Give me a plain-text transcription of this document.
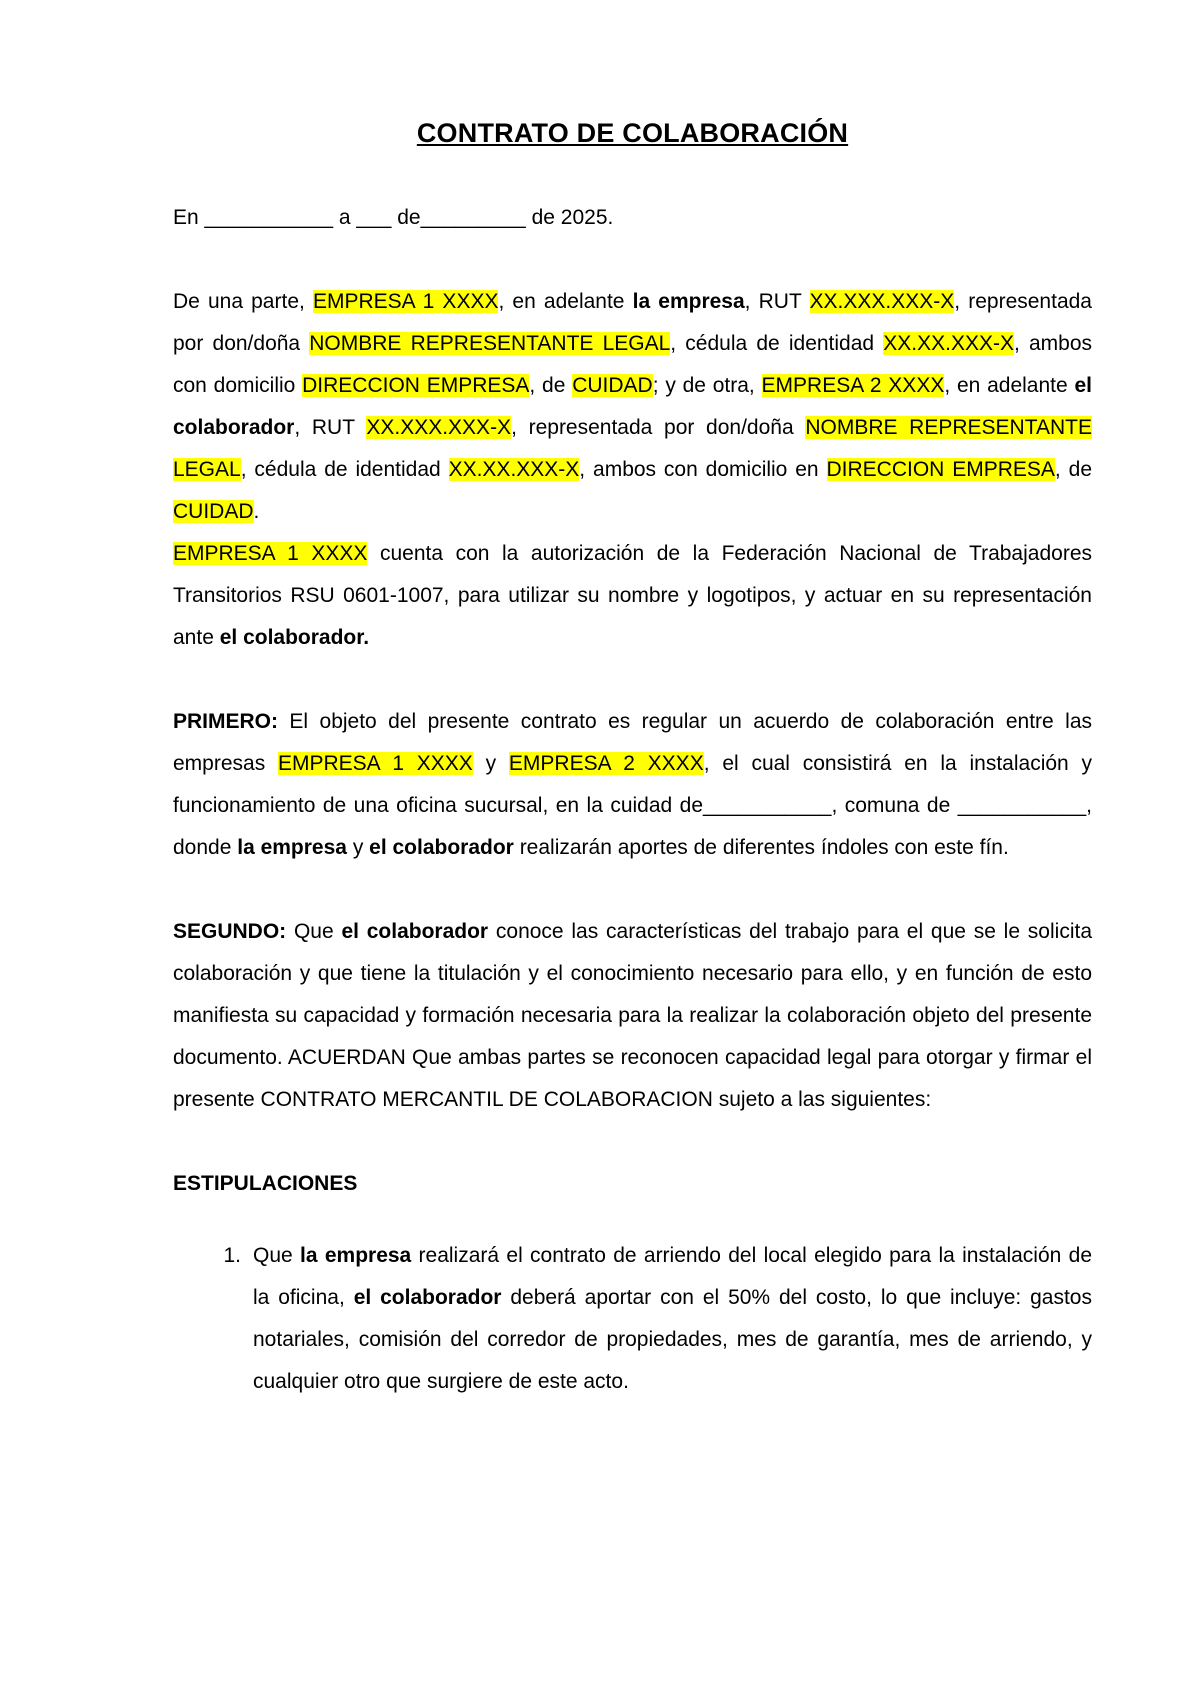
CONTRATO DE COLABORACIÓN

En ___________ a ___ de_________ de 2025.

De una parte, EMPRESA 1 XXXX, en adelante la empresa, RUT XX.XXX.XXX-X, representada por don/doña NOMBRE REPRESENTANTE LEGAL, cédula de identidad XX.XX.XXX-X, ambos con domicilio DIRECCION EMPRESA, de CUIDAD; y de otra, EMPRESA 2 XXXX, en adelante el colaborador, RUT XX.XXX.XXX-X, representada por don/doña NOMBRE REPRESENTANTE LEGAL, cédula de identidad XX.XX.XXX-X, ambos con domicilio en DIRECCION EMPRESA, de CUIDAD.

EMPRESA 1 XXXX cuenta con la autorización de la Federación Nacional de Trabajadores Transitorios RSU 0601-1007, para utilizar su nombre y logotipos, y actuar en su representación ante el colaborador.

PRIMERO: El objeto del presente contrato es regular un acuerdo de colaboración entre las empresas EMPRESA 1 XXXX y EMPRESA 2 XXXX, el cual consistirá en la instalación y funcionamiento de una oficina sucursal, en la cuidad de___________, comuna de ___________, donde la empresa y el colaborador realizarán aportes de diferentes índoles con este fín.

SEGUNDO: Que el colaborador conoce las características del trabajo para el que se le solicita colaboración y que tiene la titulación y el conocimiento necesario para ello, y en función de esto manifiesta su capacidad y formación necesaria para la realizar la colaboración objeto del presente documento. ACUERDAN Que ambas partes se reconocen capacidad legal para otorgar y firmar el presente CONTRATO MERCANTIL DE COLABORACION sujeto a las siguientes:

ESTIPULACIONES

1. Que la empresa realizará el contrato de arriendo del local elegido para la instalación de la oficina, el colaborador deberá aportar con el 50% del costo, lo que incluye: gastos notariales, comisión del corredor de propiedades, mes de garantía, mes de arriendo, y cualquier otro que surgiere de este acto.
